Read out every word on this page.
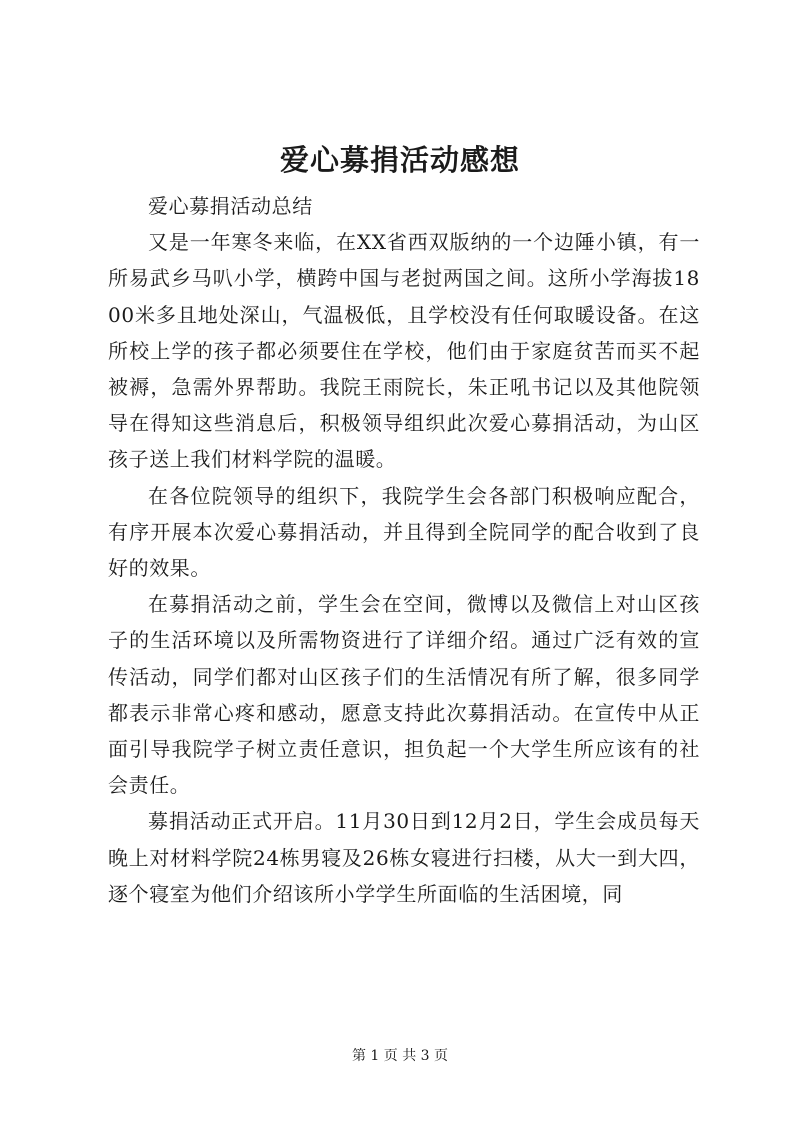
爱心募捐活动感想

爱心募捐活动总结

又是一年寒冬来临，在XX省西双版纳的一个边陲小镇，有一所易武乡马叭小学，横跨中国与老挝两国之间。这所小学海拔1800米多且地处深山，气温极低，且学校没有任何取暖设备。在这所校上学的孩子都必须要住在学校，他们由于家庭贫苦而买不起被褥，急需外界帮助。我院王雨院长，朱正吼书记以及其他院领导在得知这些消息后，积极领导组织此次爱心募捐活动，为山区孩子送上我们材料学院的温暖。

在各位院领导的组织下，我院学生会各部门积极响应配合，有序开展本次爱心募捐活动，并且得到全院同学的配合收到了良好的效果。

在募捐活动之前，学生会在空间，微博以及微信上对山区孩子的生活环境以及所需物资进行了详细介绍。通过广泛有效的宣传活动，同学们都对山区孩子们的生活情况有所了解，很多同学都表示非常心疼和感动，愿意支持此次募捐活动。在宣传中从正面引导我院学子树立责任意识，担负起一个大学生所应该有的社会责任。

募捐活动正式开启。11月30日到12月2日，学生会成员每天晚上对材料学院24栋男寝及26栋女寝进行扫楼，从大一到大四，逐个寝室为他们介绍该所小学学生所面临的生活困境，同

第 1 页 共 3 页
